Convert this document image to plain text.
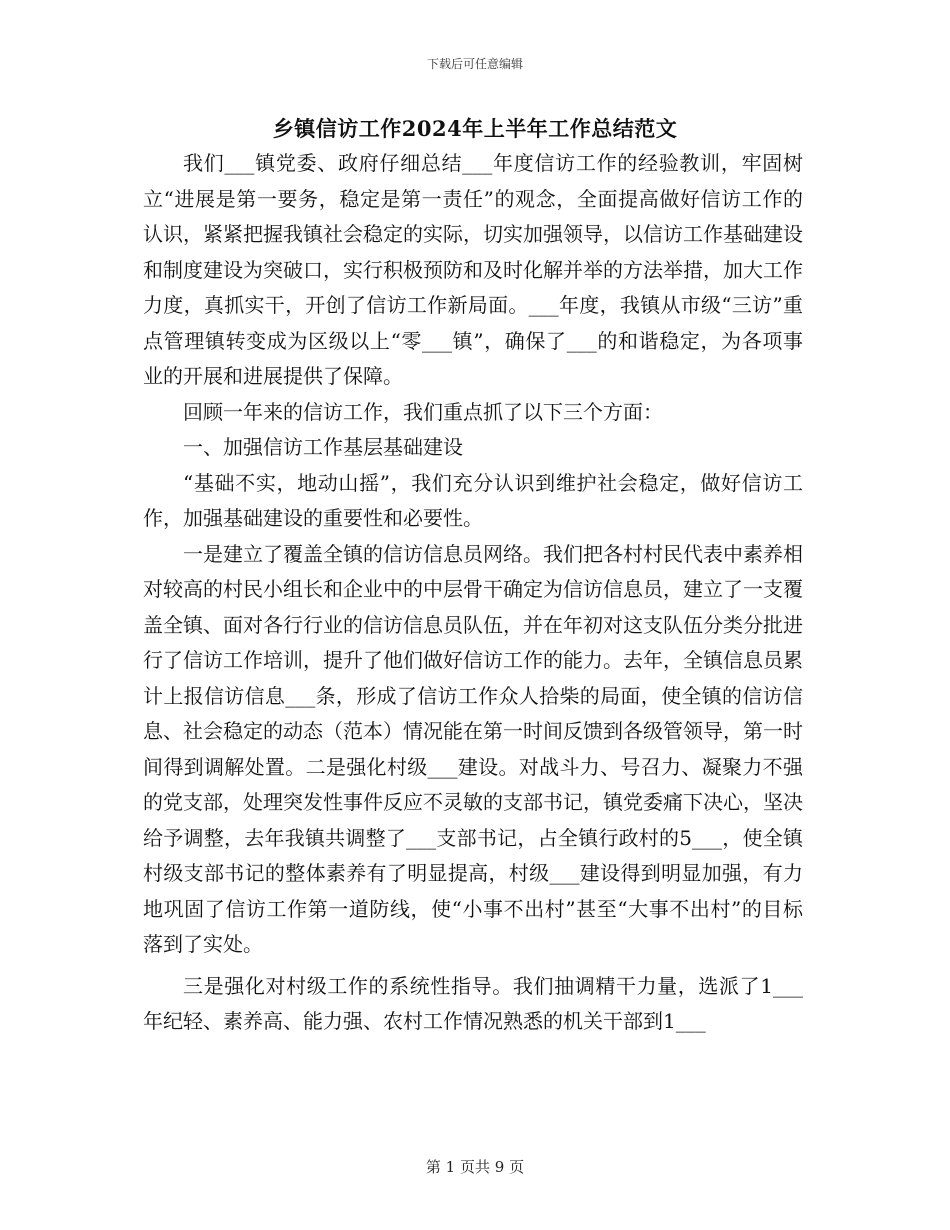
下载后可任意编辑
乡镇信访工作2024年上半年工作总结范文

我们___镇党委、政府仔细总结___年度信访工作的经验教训，牢固树立“进展是第一要务，稳定是第一责任”的观念，全面提高做好信访工作的认识，紧紧把握我镇社会稳定的实际，切实加强领导，以信访工作基础建设和制度建设为突破口，实行积极预防和及时化解并举的方法举措，加大工作力度，真抓实干，开创了信访工作新局面。___年度，我镇从市级“三访”重点管理镇转变成为区级以上“零___镇”，确保了___的和谐稳定，为各项事业的开展和进展提供了保障。

回顾一年来的信访工作，我们重点抓了以下三个方面：

一、加强信访工作基层基础建设

“基础不实，地动山摇”，我们充分认识到维护社会稳定，做好信访工作，加强基础建设的重要性和必要性。

一是建立了覆盖全镇的信访信息员网络。我们把各村村民代表中素养相对较高的村民小组长和企业中的中层骨干确定为信访信息员，建立了一支覆盖全镇、面对各行行业的信访信息员队伍，并在年初对这支队伍分类分批进行了信访工作培训，提升了他们做好信访工作的能力。去年，全镇信息员累计上报信访信息___条，形成了信访工作众人拾柴的局面，使全镇的信访信息、社会稳定的动态（范本）情况能在第一时间反馈到各级管领导，第一时间得到调解处置。二是强化村级___建设。对战斗力、号召力、凝聚力不强的党支部，处理突发性事件反应不灵敏的支部书记，镇党委痛下决心，坚决给予调整，去年我镇共调整了___支部书记，占全镇行政村的5___，使全镇村级支部书记的整体素养有了明显提高，村级___建设得到明显加强，有力地巩固了信访工作第一道防线，使“小事不出村”甚至“大事不出村”的目标落到了实处。

三是强化对村级工作的系统性指导。我们抽调精干力量，选派了1___年纪轻、素养高、能力强、农村工作情况熟悉的机关干部到1___

第 1 页共 9 页
